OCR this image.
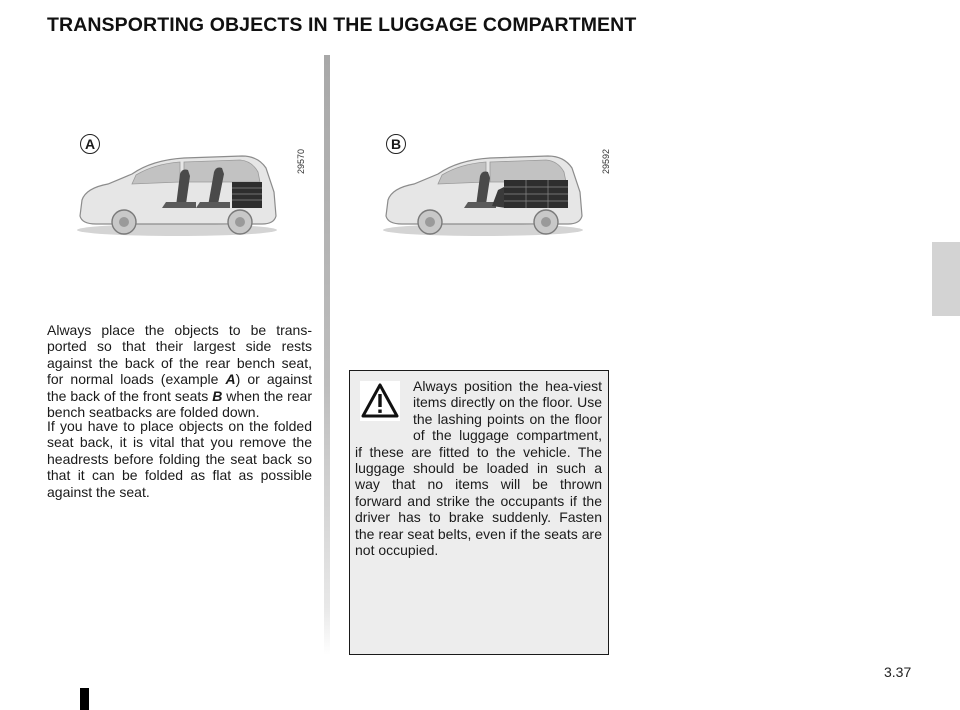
TRANSPORTING OBJECTS IN THE LUGGAGE COMPARTMENT
A
29570
B
29592

Always place the objects to be trans-ported so that their largest side rests against the back of the rear bench seat, for normal loads (example A) or against the back of the front seats B when the rear bench seatbacks are folded down.

If you have to place objects on the folded seat back, it is vital that you remove the headrests before folding the seat back so that it can be folded as flat as possible against the seat.

Always position the hea-viest items directly on the floor. Use the lashing points on the floor of the luggage compartment, if these are fitted to the vehicle. The luggage should be loaded in such a way that no items will be thrown forward and strike the occupants if the driver has to brake suddenly. Fasten the rear seat belts, even if the seats are not occupied.

3.37
